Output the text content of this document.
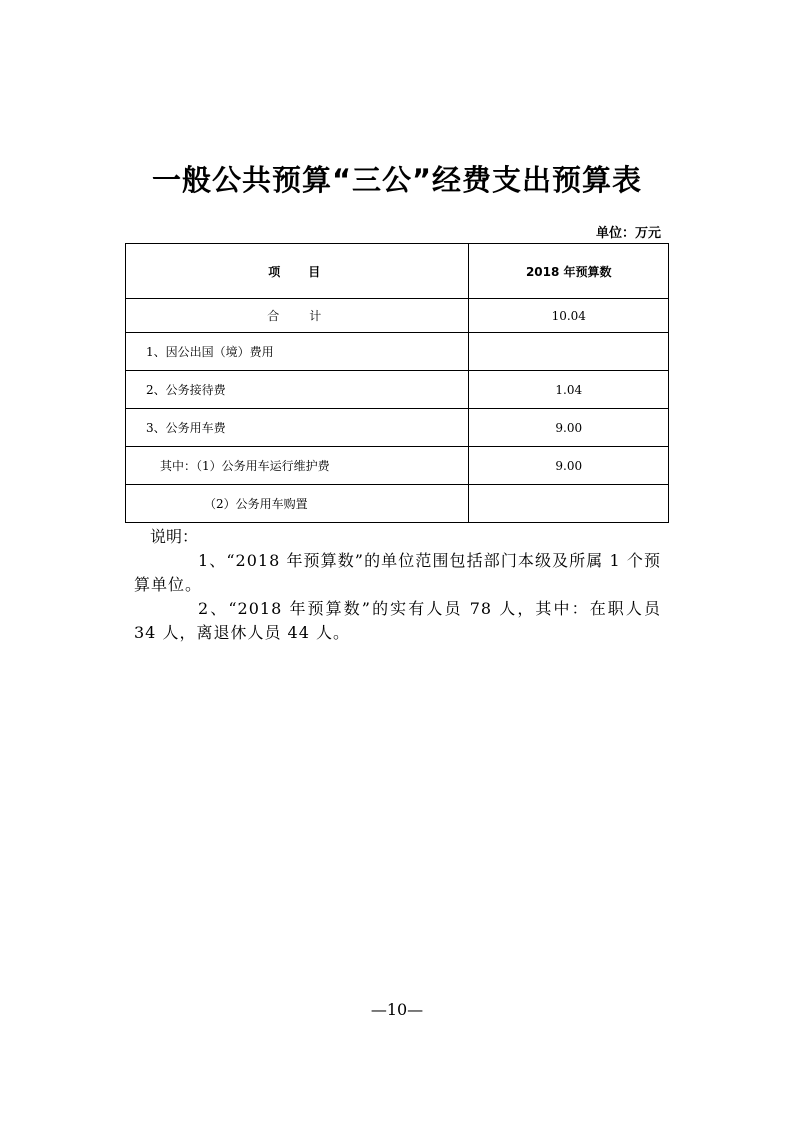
一般公共预算“三公”经费支出预算表
单位：万元
项目	2018 年预算数
合计	10.04
1、因公出国（境）费用	
2、公务接待费	1.04
3、公务用车费	9.00
其中：（1）公务用车运行维护费	9.00
（2）公务用车购置	

说明：

1、“2018 年预算数”的单位范围包括部门本级及所属 1 个预算单位。

2、“2018 年预算数”的实有人员 78 人，其中：在职人员 34 人，离退休人员 44 人。

—10—
